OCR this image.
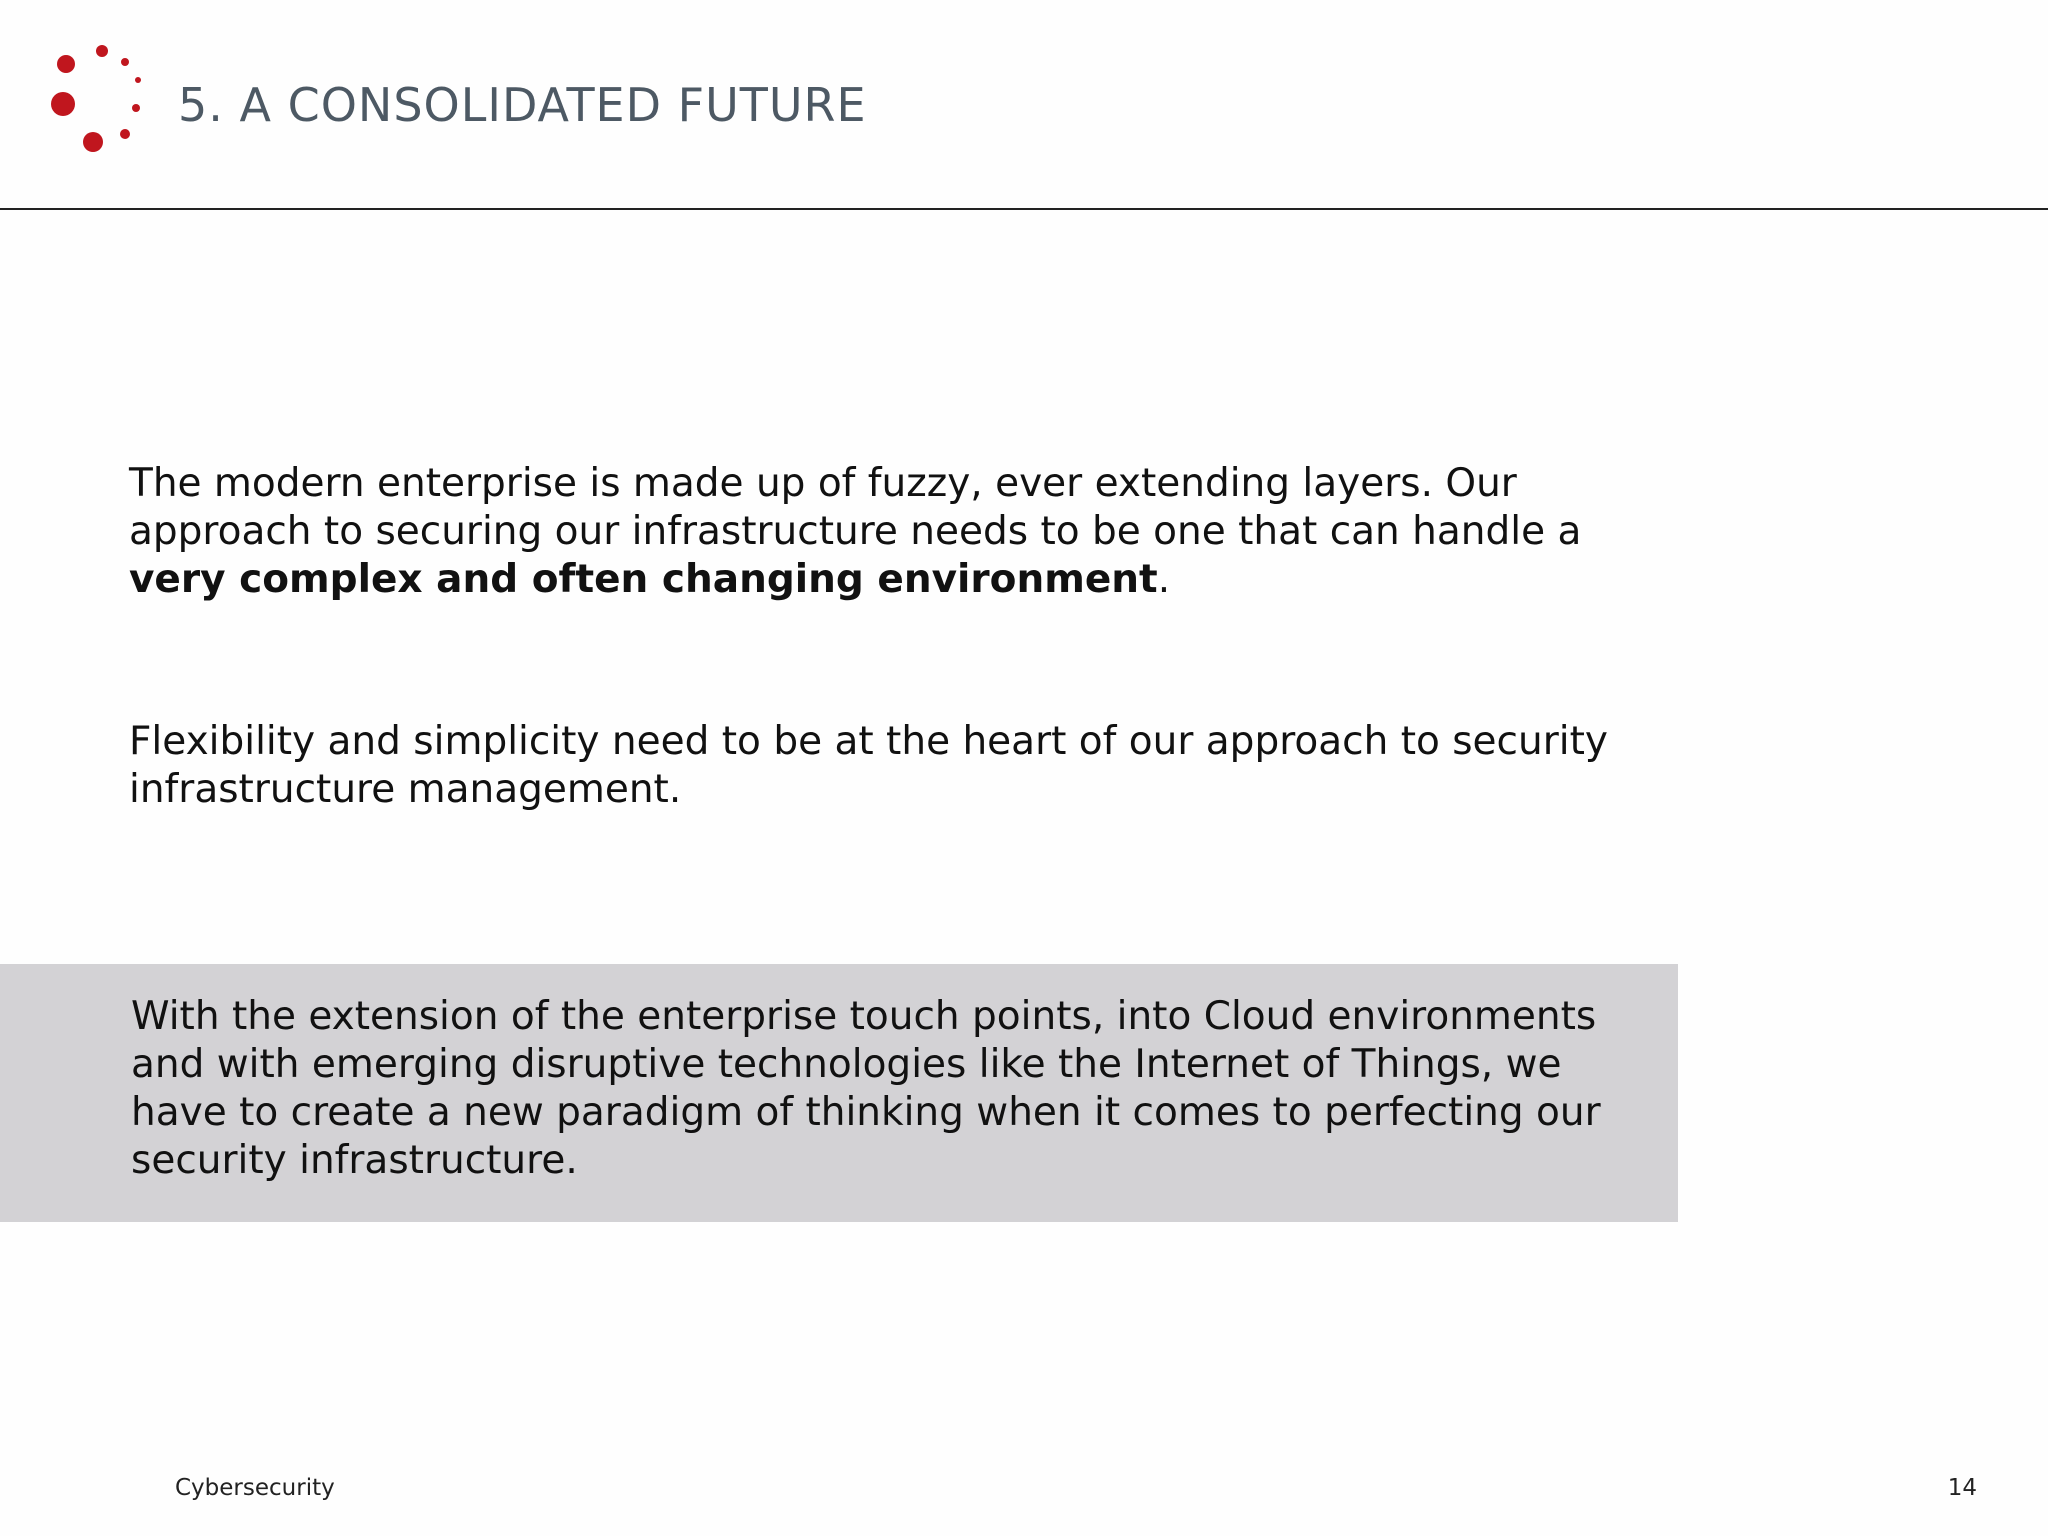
5. A CONSOLIDATED FUTURE
The modern enterprise is made up of fuzzy, ever extending layers. Our approach to securing our infrastructure needs to be one that can handle a very complex and often changing environment.
Flexibility and simplicity need to be at the heart of our approach to security infrastructure management.
With the extension of the enterprise touch points, into Cloud environments and with emerging disruptive technologies like the Internet of Things, we have to create a new paradigm of thinking when it comes to perfecting our security infrastructure.
Cybersecurity	14
